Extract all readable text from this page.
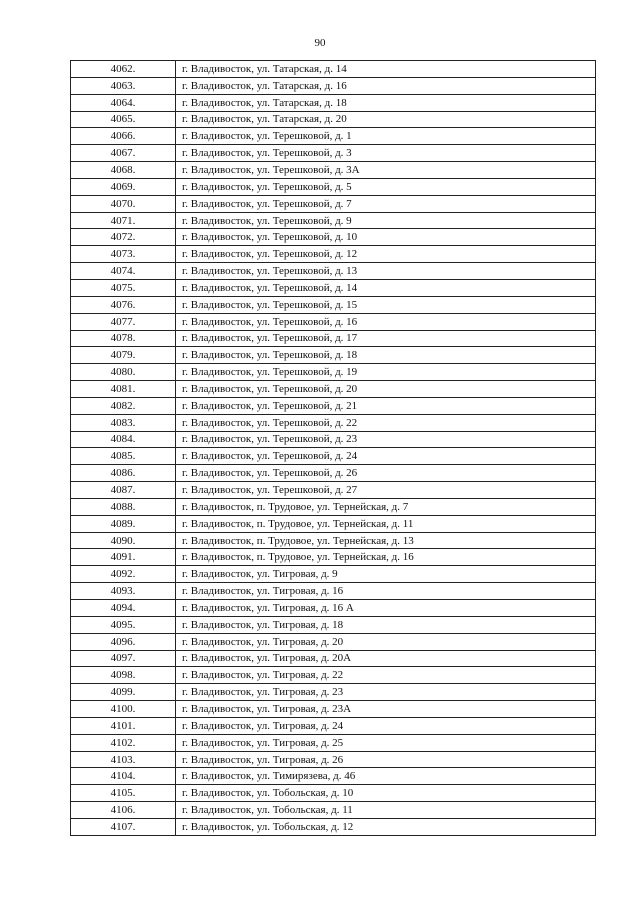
90
4062.	г. Владивосток, ул. Татарская, д. 14
4063.	г. Владивосток, ул. Татарская, д. 16
4064.	г. Владивосток, ул. Татарская, д. 18
4065.	г. Владивосток, ул. Татарская, д. 20
4066.	г. Владивосток, ул. Терешковой, д. 1
4067.	г. Владивосток, ул. Терешковой, д. 3
4068.	г. Владивосток, ул. Терешковой, д. 3А
4069.	г. Владивосток, ул. Терешковой, д. 5
4070.	г. Владивосток, ул. Терешковой, д. 7
4071.	г. Владивосток, ул. Терешковой, д. 9
4072.	г. Владивосток, ул. Терешковой, д. 10
4073.	г. Владивосток, ул. Терешковой, д. 12
4074.	г. Владивосток, ул. Терешковой, д. 13
4075.	г. Владивосток, ул. Терешковой, д. 14
4076.	г. Владивосток, ул. Терешковой, д. 15
4077.	г. Владивосток, ул. Терешковой, д. 16
4078.	г. Владивосток, ул. Терешковой, д. 17
4079.	г. Владивосток, ул. Терешковой, д. 18
4080.	г. Владивосток, ул. Терешковой, д. 19
4081.	г. Владивосток, ул. Терешковой, д. 20
4082.	г. Владивосток, ул. Терешковой, д. 21
4083.	г. Владивосток, ул. Терешковой, д. 22
4084.	г. Владивосток, ул. Терешковой, д. 23
4085.	г. Владивосток, ул. Терешковой, д. 24
4086.	г. Владивосток, ул. Терешковой, д. 26
4087.	г. Владивосток, ул. Терешковой, д. 27
4088.	г. Владивосток, п. Трудовое, ул. Тернейская, д. 7
4089.	г. Владивосток, п. Трудовое, ул. Тернейская, д. 11
4090.	г. Владивосток, п. Трудовое, ул. Тернейская, д. 13
4091.	г. Владивосток, п. Трудовое, ул. Тернейская, д. 16
4092.	г. Владивосток, ул. Тигровая, д. 9
4093.	г. Владивосток, ул. Тигровая, д. 16
4094.	г. Владивосток, ул. Тигровая, д. 16 А
4095.	г. Владивосток, ул. Тигровая, д. 18
4096.	г. Владивосток, ул. Тигровая, д. 20
4097.	г. Владивосток, ул. Тигровая, д. 20А
4098.	г. Владивосток, ул. Тигровая, д. 22
4099.	г. Владивосток, ул. Тигровая, д. 23
4100.	г. Владивосток, ул. Тигровая, д. 23А
4101.	г. Владивосток, ул. Тигровая, д. 24
4102.	г. Владивосток, ул. Тигровая, д. 25
4103.	г. Владивосток, ул. Тигровая, д. 26
4104.	г. Владивосток, ул. Тимирязева, д. 46
4105.	г. Владивосток, ул. Тобольская, д. 10
4106.	г. Владивосток, ул. Тобольская, д. 11
4107.	г. Владивосток, ул. Тобольская, д. 12
